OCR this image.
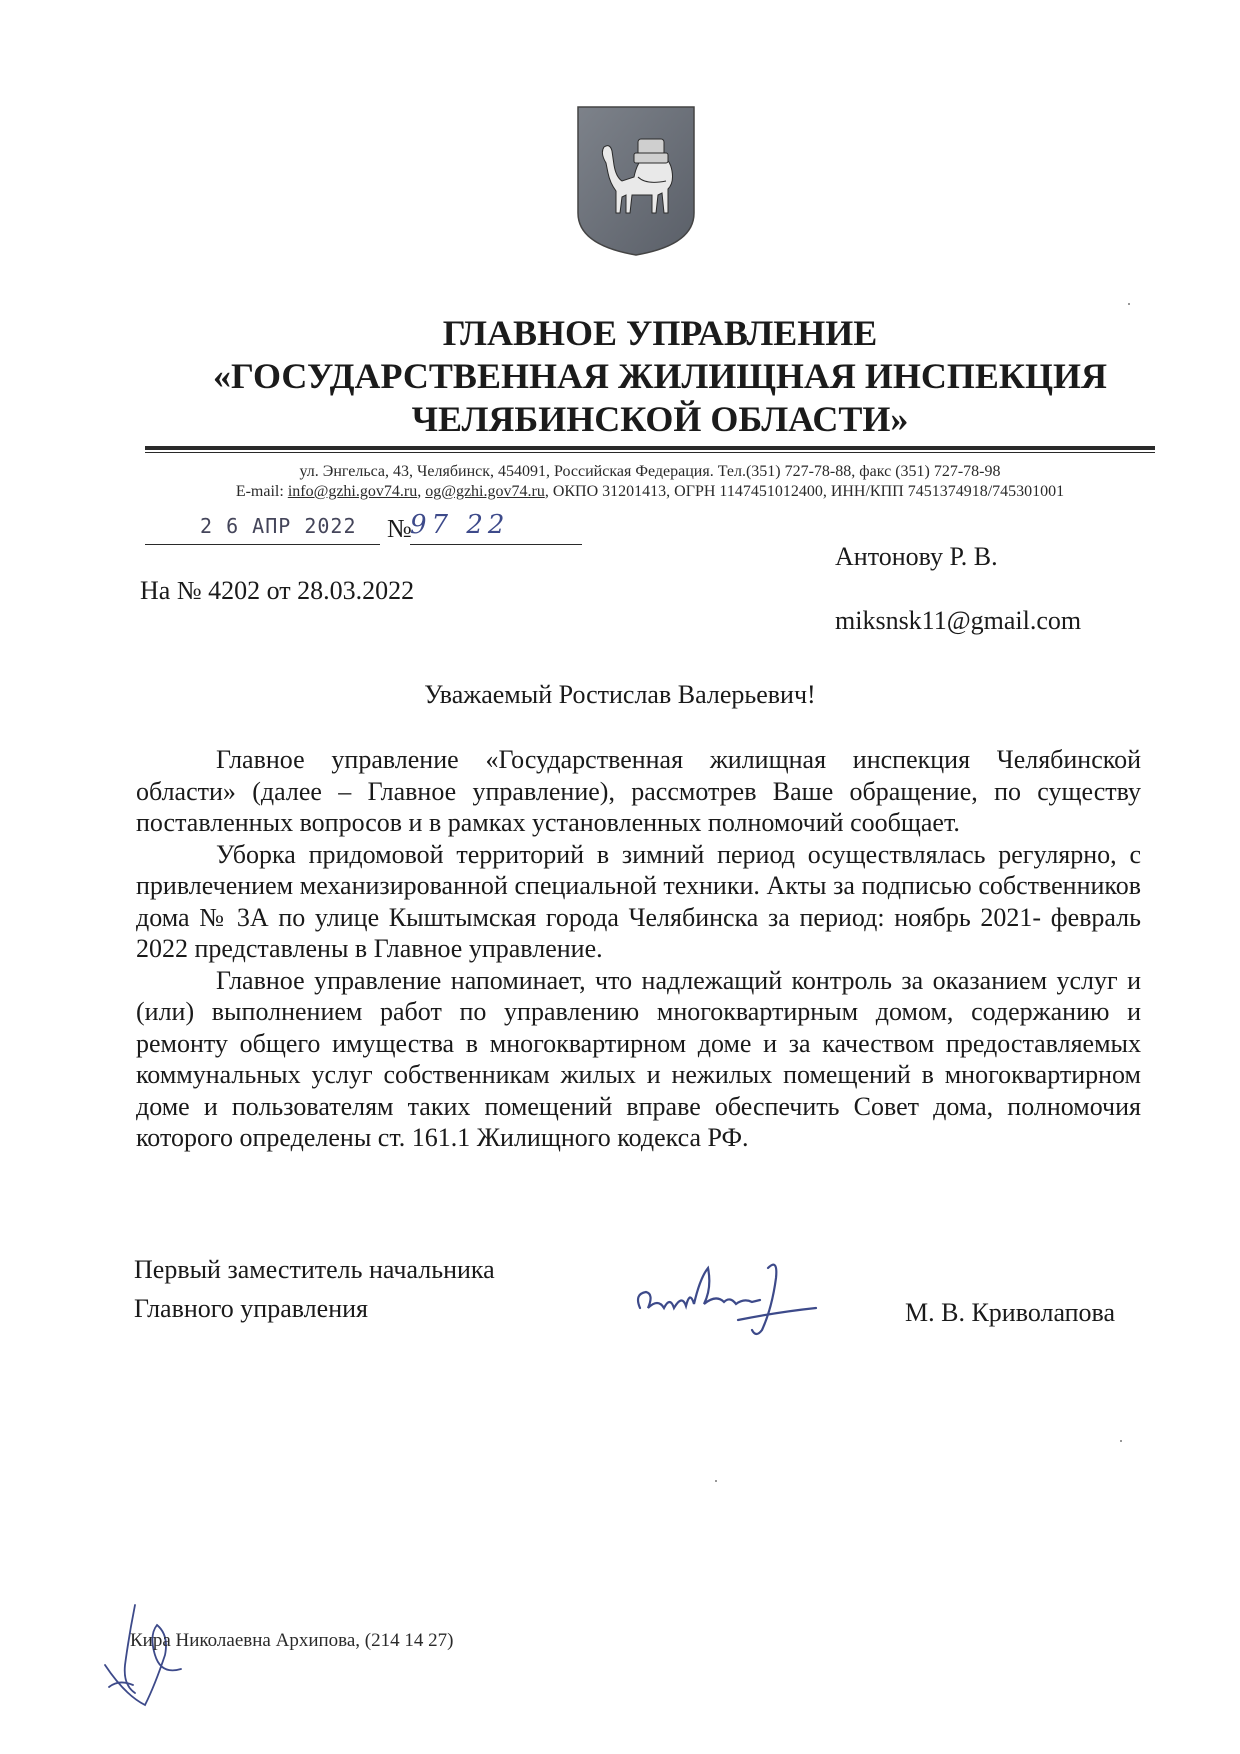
ГЛАВНОЕ УПРАВЛЕНИЕ
«ГОСУДАРСТВЕННАЯ ЖИЛИЩНАЯ ИНСПЕКЦИЯ
ЧЕЛЯБИНСКОЙ ОБЛАСТИ»
ул. Энгельса, 43, Челябинск, 454091, Российская Федерация. Тел.(351) 727-78-88, факс (351) 727-78-98
E-mail: info@gzhi.gov74.ru, og@gzhi.gov74.ru, ОКПО 31201413, ОГРН 1147451012400, ИНН/КПП 7451374918/745301001
2 6 АПР 2022 №
97 22
Антонову Р. В.
На № 4202 от 28.03.2022
miksnsk11@gmail.com
Уважаемый Ростислав Валерьевич!

Главное управление «Государственная жилищная инспекция Челябинской области» (далее – Главное управление), рассмотрев Ваше обращение, по существу поставленных вопросов и в рамках установленных полномочий сообщает.

Уборка придомовой территорий в зимний период осуществлялась регулярно, с привлечением механизированной специальной техники. Акты за подписью собственников дома № 3А по улице Кыштымская города Челябинска за период: ноябрь 2021- февраль 2022 представлены в Главное управление.

Главное управление напоминает, что надлежащий контроль за оказанием услуг и (или) выполнением работ по управлению многоквартирным домом, содержанию и ремонту общего имущества в многоквартирном доме и за качеством предоставляемых коммунальных услуг собственникам жилых и нежилых помещений в многоквартирном доме и пользователям таких помещений вправе обеспечить Совет дома, полномочия которого определены ст. 161.1 Жилищного кодекса РФ.

Первый заместитель начальника
Главного управления	М. В. Криволапова
Кира Николаевна Архипова, (214 14 27)
